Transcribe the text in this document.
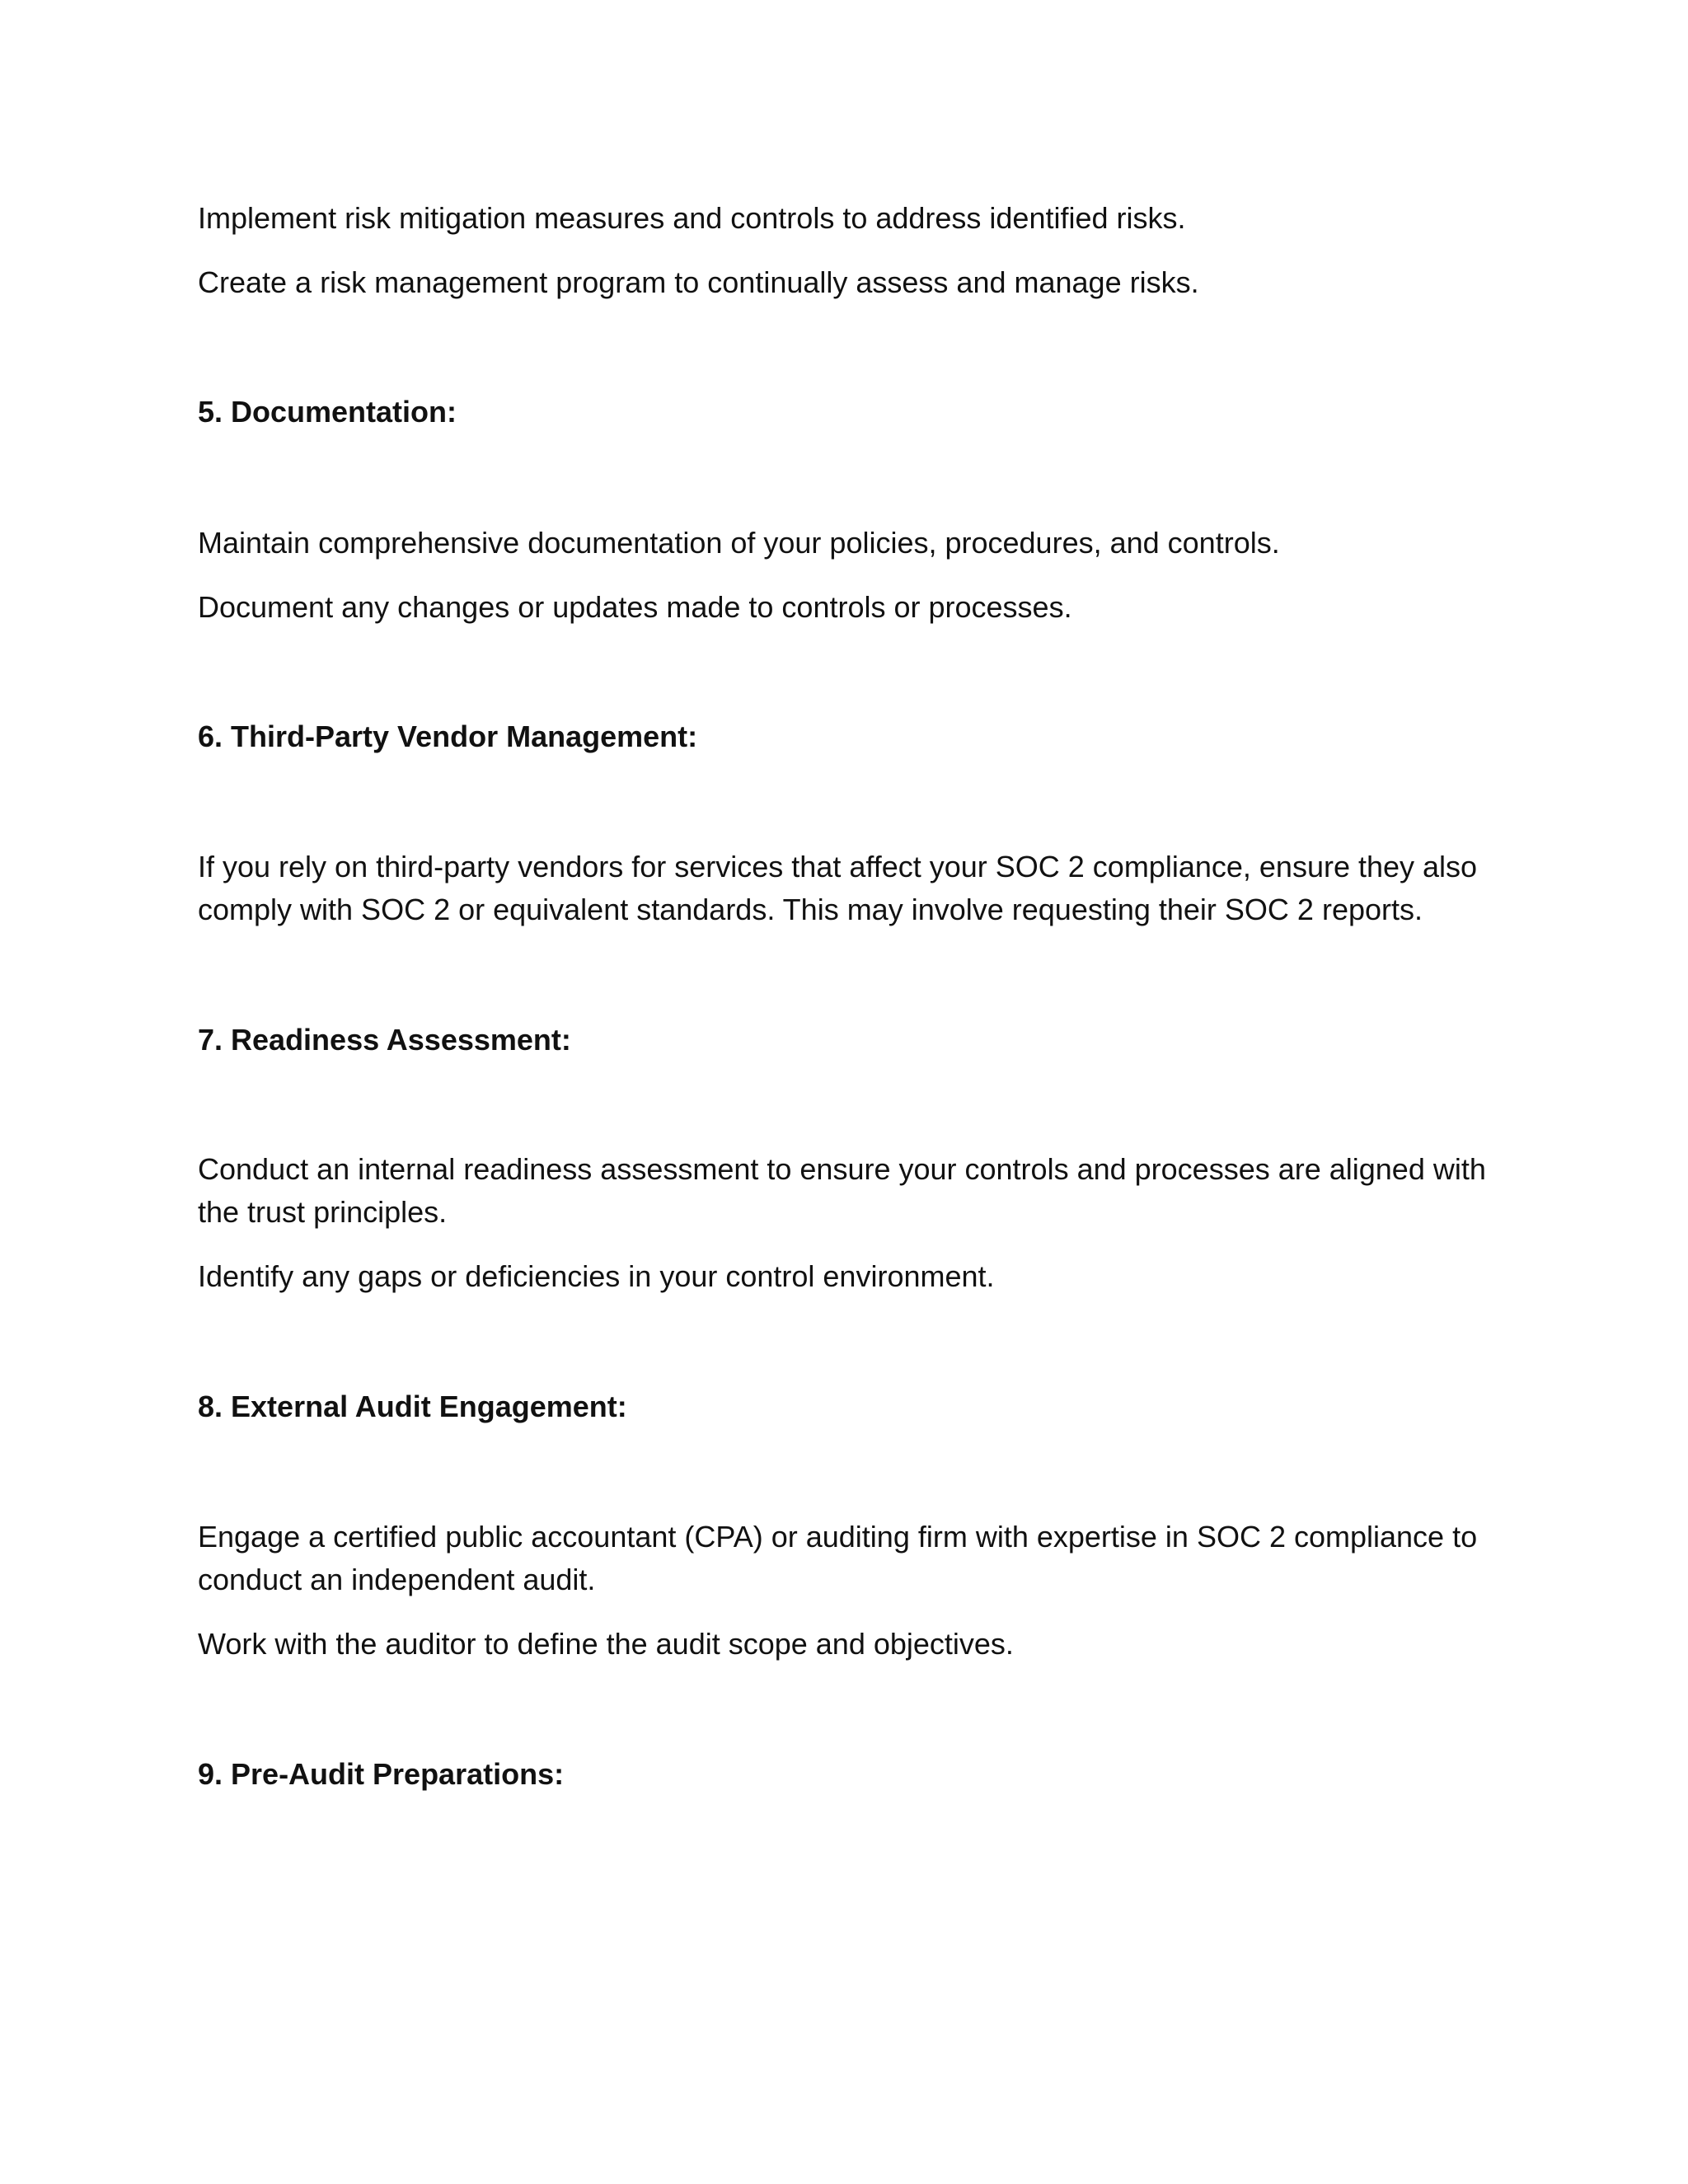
Implement risk mitigation measures and controls to address identified risks.

Create a risk management program to continually assess and manage risks.

5. Documentation:

Maintain comprehensive documentation of your policies, procedures, and controls.

Document any changes or updates made to controls or processes.

6. Third-Party Vendor Management:

If you rely on third-party vendors for services that affect your SOC 2 compliance, ensure they also

comply with SOC 2 or equivalent standards. This may involve requesting their SOC 2 reports.

7. Readiness Assessment:

Conduct an internal readiness assessment to ensure your controls and processes are aligned with

the trust principles.

Identify any gaps or deficiencies in your control environment.

8. External Audit Engagement:

Engage a certified public accountant (CPA) or auditing firm with expertise in SOC 2 compliance to

conduct an independent audit.

Work with the auditor to define the audit scope and objectives.

9. Pre-Audit Preparations:
